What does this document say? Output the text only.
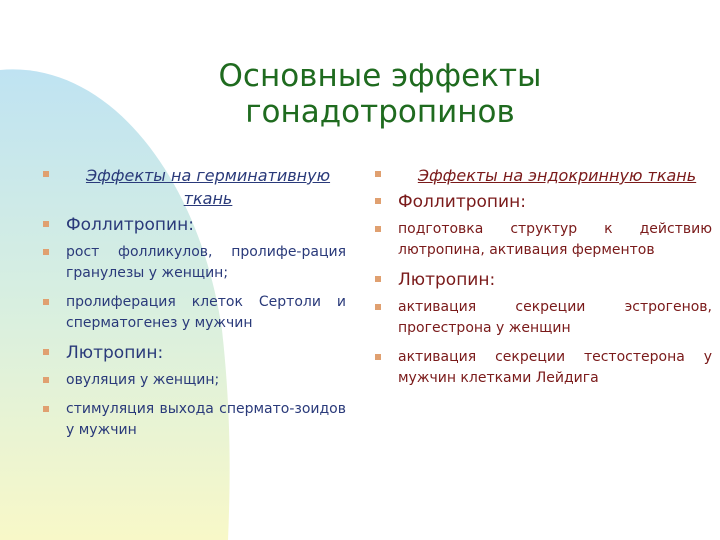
Основные эффекты гонадотропинов
Эффекты на герминативную ткань
Фоллитропин:
рост фолликулов, пролифе-рация гранулезы у женщин;
пролиферация клеток Сертоли и сперматогенез у мужчин
Лютропин:
овуляция у женщин;
стимуляция выхода спермато-зоидов у мужчин
Эффекты на эндокринную ткань
Фоллитропин:
подготовка структур к действию лютропина, активация ферментов
Лютропин:
активация секреции эстрогенов, прогестрона у женщин
активация секреции тестостерона у мужчин клетками Лейдига
